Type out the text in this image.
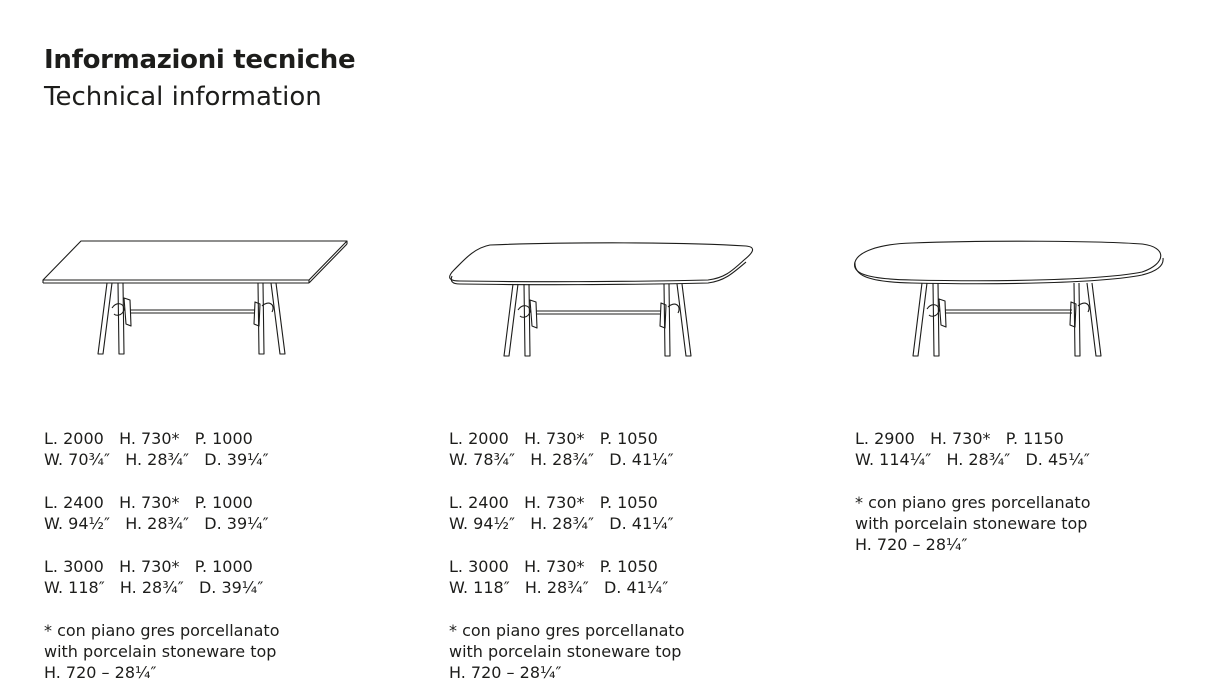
Informazioni tecniche
Technical information
L. 2000   H. 730*   P. 1000
W. 70¾″   H. 28¾″   D. 39¼″
L. 2400   H. 730*   P. 1000
W. 94½″   H. 28¾″   D. 39¼″
L. 3000   H. 730*   P. 1000
W. 118″   H. 28¾″   D. 39¼″
* con piano gres porcellanato
with porcelain stoneware top
H. 720 – 28¼″
L. 2000   H. 730*   P. 1050
W. 78¾″   H. 28¾″   D. 41¼″
L. 2400   H. 730*   P. 1050
W. 94½″   H. 28¾″   D. 41¼″
L. 3000   H. 730*   P. 1050
W. 118″   H. 28¾″   D. 41¼″
* con piano gres porcellanato
with porcelain stoneware top
H. 720 – 28¼″
L. 2900   H. 730*   P. 1150
W. 114¼″   H. 28¾″   D. 45¼″
* con piano gres porcellanato
with porcelain stoneware top
H. 720 – 28¼″
